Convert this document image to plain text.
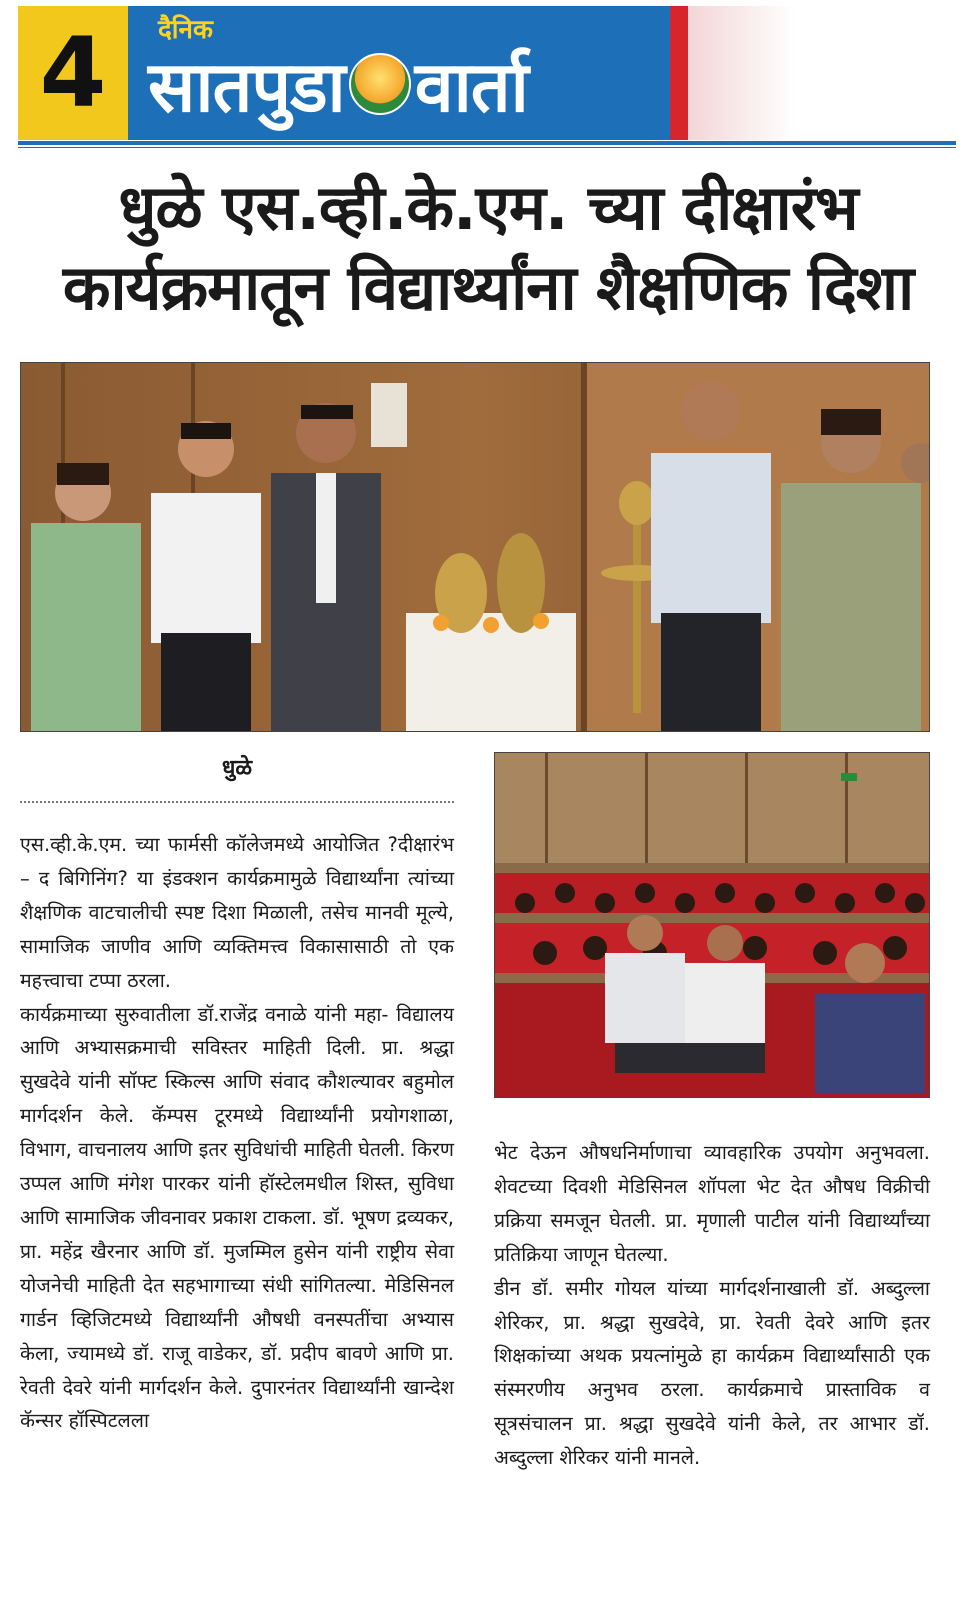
4 दैनिक
सातपुडा वार्ता
धुळे एस.व्ही.के.एम. च्या दीक्षारंभ
कार्यक्रमातून विद्यार्थ्यांना शैक्षणिक दिशा
धुळे

एस.व्ही.के.एम. च्या फार्मसी कॉलेजमध्ये आयोजित ?दीक्षारंभ – द बिगिनिंग? या इंडक्शन कार्यक्रमामुळे विद्यार्थ्यांना त्यांच्या शैक्षणिक वाटचालीची स्पष्ट दिशा मिळाली, तसेच मानवी मूल्ये, सामाजिक जाणीव आणि व्यक्तिमत्त्व विकासासाठी तो एक महत्त्वाचा टप्पा ठरला.

कार्यक्रमाच्या सुरुवातीला डॉ.राजेंद्र वनाळे यांनी महा- विद्यालय आणि अभ्यासक्रमाची सविस्तर माहिती दिली. प्रा. श्रद्धा सुखदेवे यांनी सॉफ्ट स्किल्स आणि संवाद कौशल्यावर बहुमोल मार्गदर्शन केले. कॅम्पस टूरमध्ये विद्यार्थ्यांनी प्रयोगशाळा, विभाग, वाचनालय आणि इतर सुविधांची माहिती घेतली. किरण उप्पल आणि मंगेश पारकर यांनी हॉस्टेलमधील शिस्त, सुविधा आणि सामाजिक जीवनावर प्रकाश टाकला. डॉ. भूषण द्रव्यकर, प्रा. महेंद्र खैरनार आणि डॉ. मुजम्मिल हुसेन यांनी राष्ट्रीय सेवा योजनेची माहिती देत सहभागाच्या संधी सांगितल्या. मेडिसिनल गार्डन व्हिजिटमध्ये विद्यार्थ्यांनी औषधी वनस्पतींचा अभ्यास केला, ज्यामध्ये डॉ. राजू वाडेकर, डॉ. प्रदीप बावणे आणि प्रा. रेवती देवरे यांनी मार्गदर्शन केले. दुपारनंतर विद्यार्थ्यांनी खान्देश कॅन्सर हॉस्पिटलला

भेट देऊन औषधनिर्माणाचा व्यावहारिक उपयोग अनुभवला. शेवटच्या दिवशी मेडिसिनल शॉपला भेट देत औषध विक्रीची प्रक्रिया समजून घेतली. प्रा. मृणाली पाटील यांनी विद्यार्थ्यांच्या प्रतिक्रिया जाणून घेतल्या.

डीन डॉ. समीर गोयल यांच्या मार्गदर्शनाखाली डॉ. अब्दुल्ला शेरिकर, प्रा. श्रद्धा सुखदेवे, प्रा. रेवती देवरे आणि इतर शिक्षकांच्या अथक प्रयत्नांमुळे हा कार्यक्रम विद्यार्थ्यांसाठी एक संस्मरणीय अनुभव ठरला. कार्यक्रमाचे प्रास्ताविक व सूत्रसंचालन प्रा. श्रद्धा सुखदेवे यांनी केले, तर आभार डॉ. अब्दुल्ला शेरिकर यांनी मानले.
